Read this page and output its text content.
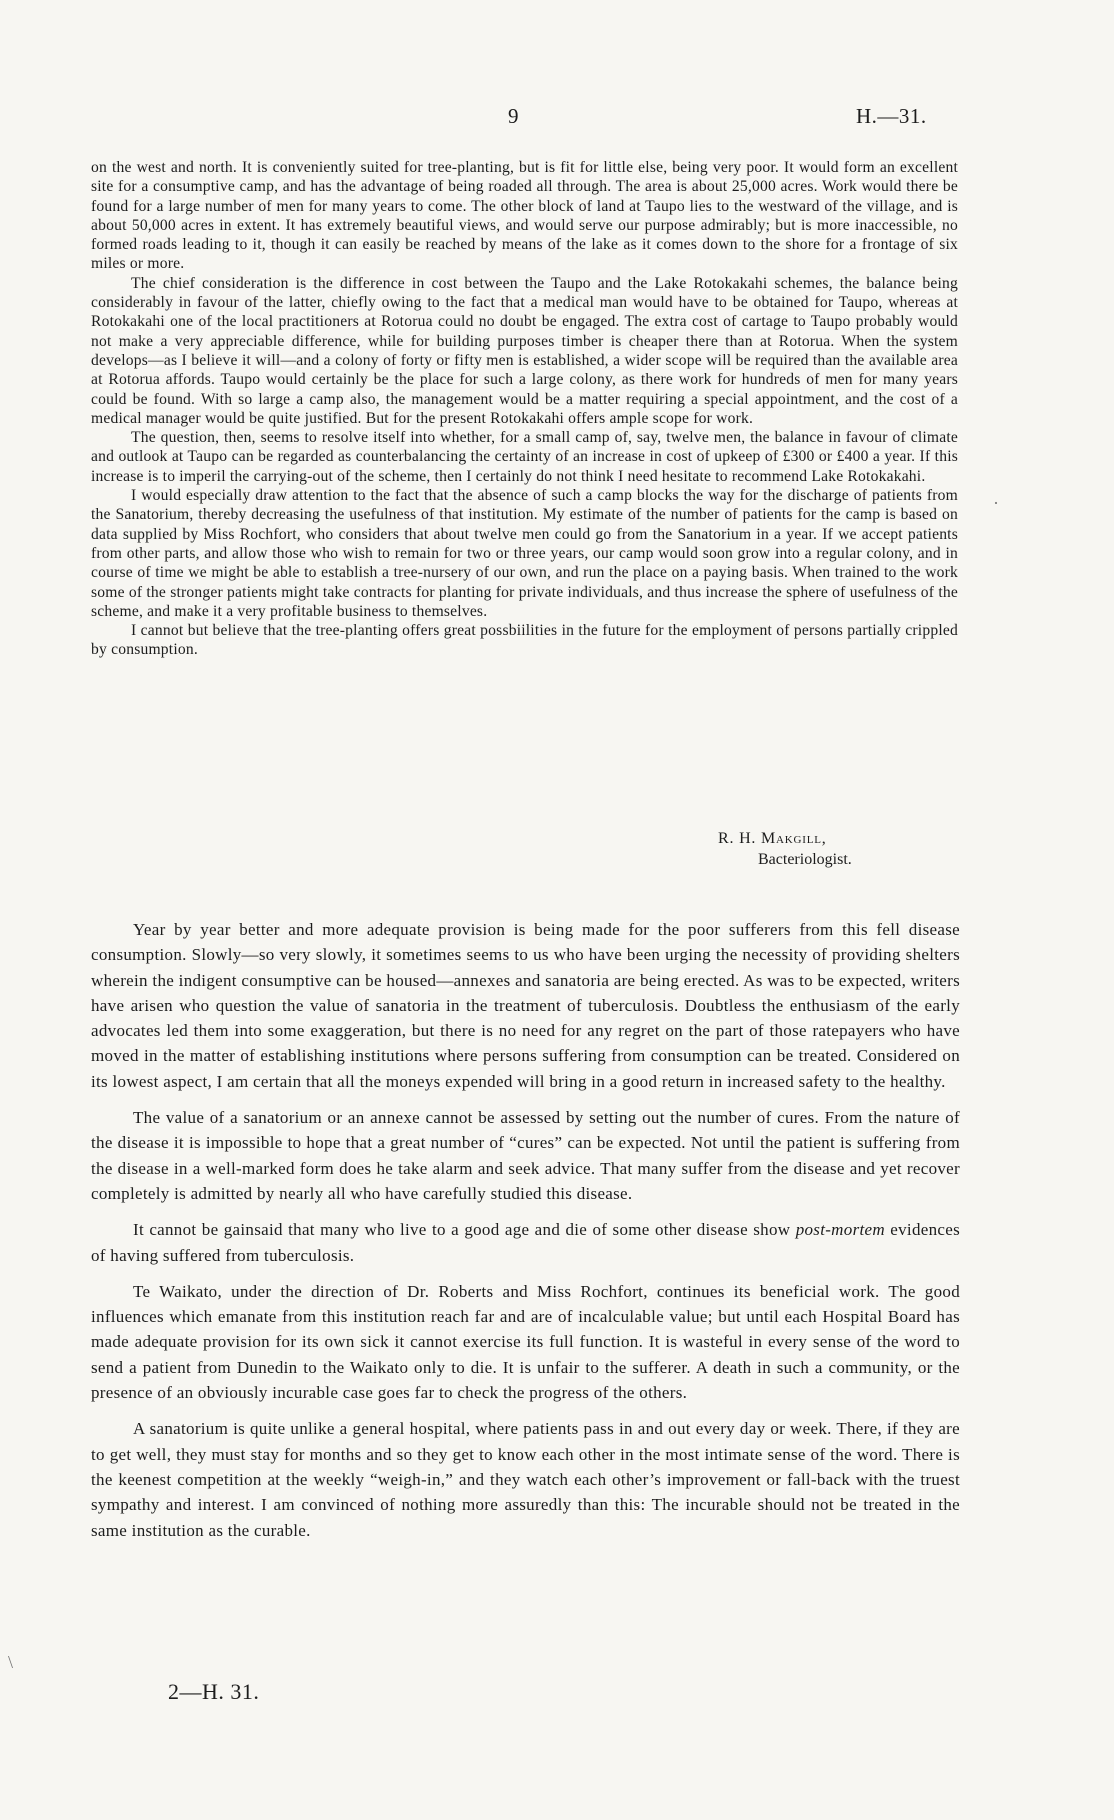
9	H.—31.

on the west and north. It is conveniently suited for tree-planting, but is fit for little else, being very poor. It would form an excellent site for a consumptive camp, and has the advantage of being roaded all through. The area is about 25,000 acres. Work would there be found for a large number of men for many years to come. The other block of land at Taupo lies to the westward of the village, and is about 50,000 acres in extent. It has extremely beautiful views, and would serve our purpose admirably; but is more inaccessible, no formed roads leading to it, though it can easily be reached by means of the lake as it comes down to the shore for a frontage of six miles or more.

The chief consideration is the difference in cost between the Taupo and the Lake Rotokakahi schemes, the balance being considerably in favour of the latter, chiefly owing to the fact that a medical man would have to be obtained for Taupo, whereas at Rotokakahi one of the local practitioners at Rotorua could no doubt be engaged. The extra cost of cartage to Taupo probably would not make a very appreciable difference, while for building purposes timber is cheaper there than at Rotorua. When the system develops—as I believe it will—and a colony of forty or fifty men is established, a wider scope will be required than the available area at Rotorua affords. Taupo would certainly be the place for such a large colony, as there work for hundreds of men for many years could be found. With so large a camp also, the management would be a matter requiring a special appointment, and the cost of a medical manager would be quite justified. But for the present Rotokakahi offers ample scope for work.

The question, then, seems to resolve itself into whether, for a small camp of, say, twelve men, the balance in favour of climate and outlook at Taupo can be regarded as counterbalancing the certainty of an increase in cost of upkeep of £300 or £400 a year. If this increase is to imperil the carrying-out of the scheme, then I certainly do not think I need hesitate to recommend Lake Rotokakahi.

I would especially draw attention to the fact that the absence of such a camp blocks the way for the discharge of patients from the Sanatorium, thereby decreasing the usefulness of that institution. My estimate of the number of patients for the camp is based on data supplied by Miss Rochfort, who considers that about twelve men could go from the Sanatorium in a year. If we accept patients from other parts, and allow those who wish to remain for two or three years, our camp would soon grow into a regular colony, and in course of time we might be able to establish a tree-nursery of our own, and run the place on a paying basis. When trained to the work some of the stronger patients might take contracts for planting for private individuals, and thus increase the sphere of usefulness of the scheme, and make it a very profitable business to themselves.

I cannot but believe that the tree-planting offers great possbiilities in the future for the employment of persons partially crippled by consumption.

R. H. Makgill,
Bacteriologist.

Year by year better and more adequate provision is being made for the poor sufferers from this fell disease consumption. Slowly—so very slowly, it sometimes seems to us who have been urging the necessity of providing shelters wherein the indigent consumptive can be housed—annexes and sanatoria are being erected. As was to be expected, writers have arisen who question the value of sanatoria in the treatment of tuberculosis. Doubtless the enthusiasm of the early advocates led them into some exaggeration, but there is no need for any regret on the part of those ratepayers who have moved in the matter of establishing institutions where persons suffering from consumption can be treated. Considered on its lowest aspect, I am certain that all the moneys expended will bring in a good return in increased safety to the healthy.

The value of a sanatorium or an annexe cannot be assessed by setting out the number of cures. From the nature of the disease it is impossible to hope that a great number of “cures” can be expected. Not until the patient is suffering from the disease in a well-marked form does he take alarm and seek advice. That many suffer from the disease and yet recover completely is admitted by nearly all who have carefully studied this disease.

It cannot be gainsaid that many who live to a good age and die of some other disease show post-mortem evidences of having suffered from tuberculosis.

Te Waikato, under the direction of Dr. Roberts and Miss Rochfort, continues its beneficial work. The good influences which emanate from this institution reach far and are of incalculable value; but until each Hospital Board has made adequate provision for its own sick it cannot exercise its full function. It is wasteful in every sense of the word to send a patient from Dunedin to the Waikato only to die. It is unfair to the sufferer. A death in such a community, or the presence of an obviously incurable case goes far to check the progress of the others.

A sanatorium is quite unlike a general hospital, where patients pass in and out every day or week. There, if they are to get well, they must stay for months and so they get to know each other in the most intimate sense of the word. There is the keenest competition at the weekly “weigh-in,” and they watch each other’s improvement or fall-back with the truest sympathy and interest. I am convinced of nothing more assuredly than this: The incurable should not be treated in the same institution as the curable.

2—H. 31.
·
\
